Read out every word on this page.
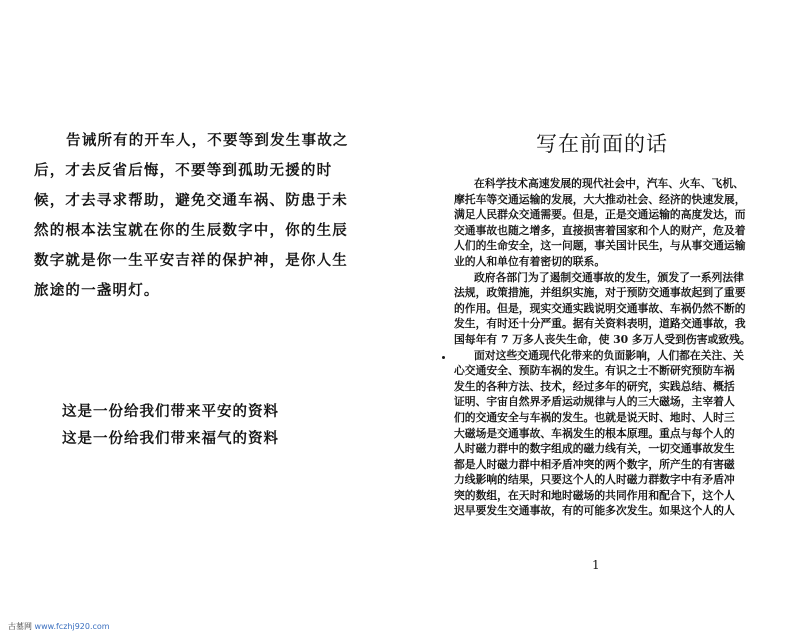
告诫所有的开车人，不要等到发生事故之
后，才去反省后悔，不要等到孤助无援的时
候，才去寻求帮助，避免交通车祸、防患于未
然的根本法宝就在你的生辰数字中，你的生辰
数字就是你一生平安吉祥的保护神，是你人生
旅途的一盏明灯。
这是一份给我们带来平安的资料
这是一份给我们带来福气的资料
写在前面的话
在科学技术高速发展的现代社会中，汽车、火车、飞机、
摩托车等交通运输的发展，大大推动社会、经济的快速发展，
满足人民群众交通需要。但是，正是交通运输的高度发达，而
交通事故也随之增多，直接损害着国家和个人的财产，危及着
人们的生命安全，这一问题，事关国计民生，与从事交通运输
业的人和单位有着密切的联系。
政府各部门为了遏制交通事故的发生，颁发了一系列法律
法规，政策措施，并组织实施，对于预防交通事故起到了重要
的作用。但是，现实交通实践说明交通事故、车祸仍然不断的
发生，有时还十分严重。据有关资料表明，道路交通事故，我
国每年有 7 万多人丧失生命，使 30 多万人受到伤害或致残。
面对这些交通现代化带来的负面影响，人们都在关注、关
心交通安全、预防车祸的发生。有识之士不断研究预防车祸
发生的各种方法、技术，经过多年的研究，实践总结、概括
证明、宇宙自然界矛盾运动规律与人的三大磁场，主宰着人
们的交通安全与车祸的发生。也就是说天时、地时、人时三
大磁场是交通事故、车祸发生的根本原理。重点与每个人的
人时磁力群中的数字组成的磁力线有关，一切交通事故发生
都是人时磁力群中相矛盾冲突的两个数字，所产生的有害磁
力线影响的结果，只要这个人的人时磁力群数字中有矛盾冲
突的数组，在天时和地时磁场的共同作用和配合下，这个人
迟早要发生交通事故，有的可能多次发生。如果这个人的人
1
古墓网 www.fczhj920.com
